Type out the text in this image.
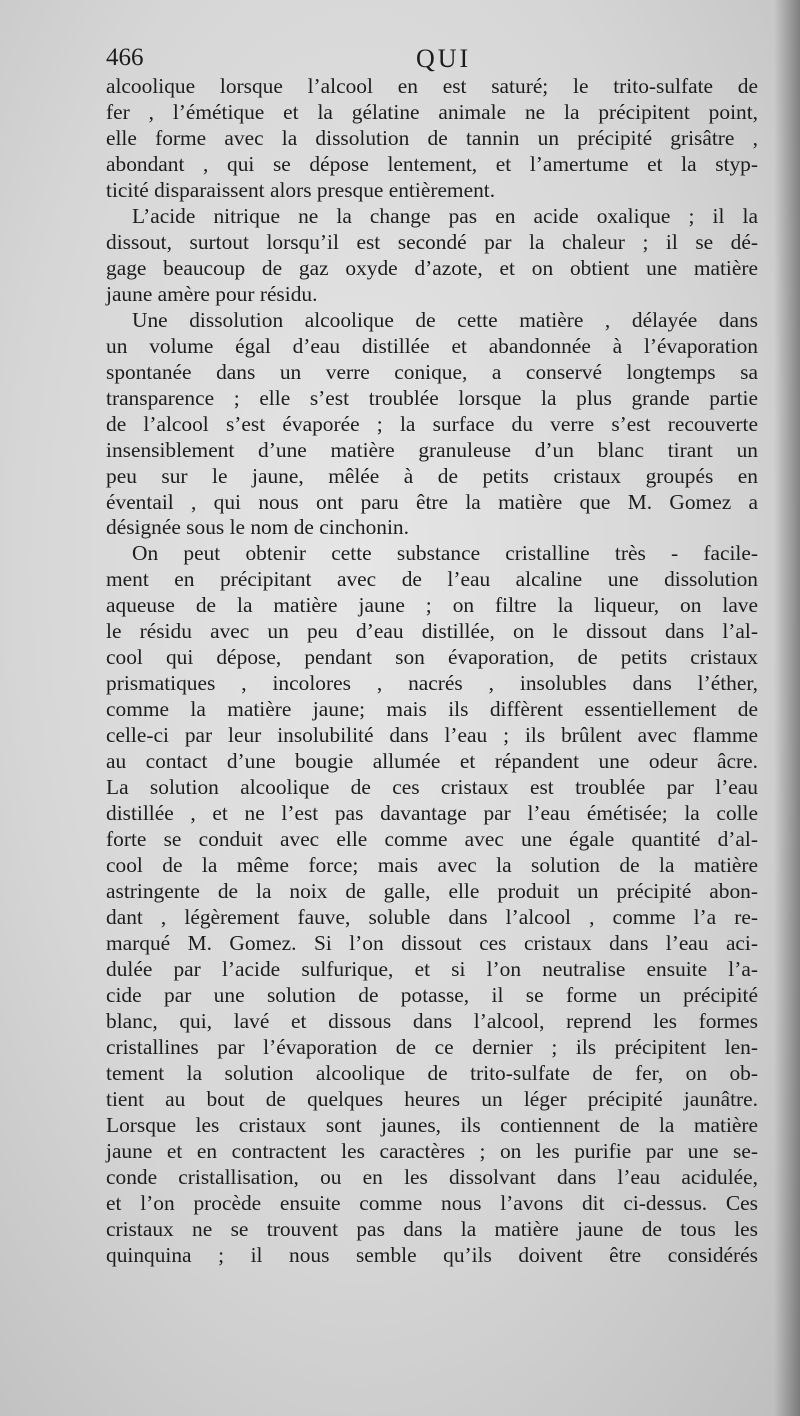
466	QUI
alcoolique lorsque l’alcool en est saturé; le trito-sulfate de
fer , l’émétique et la gélatine animale ne la précipitent point,
elle forme avec la dissolution de tannin un précipité grisâtre ,
abondant , qui se dépose lentement, et l’amertume et la styp-
ticité disparaissent alors presque entièrement.
L’acide nitrique ne la change pas en acide oxalique ; il la
dissout, surtout lorsqu’il est secondé par la chaleur ; il se dé-
gage beaucoup de gaz oxyde d’azote, et on obtient une matière
jaune amère pour résidu.
Une dissolution alcoolique de cette matière , délayée dans
un volume égal d’eau distillée et abandonnée à l’évaporation
spontanée dans un verre conique, a conservé longtemps sa
transparence ; elle s’est troublée lorsque la plus grande partie
de l’alcool s’est évaporée ; la surface du verre s’est recouverte
insensiblement d’une matière granuleuse d’un blanc tirant un
peu sur le jaune, mêlée à de petits cristaux groupés en
éventail , qui nous ont paru être la matière que M. Gomez a
désignée sous le nom de cinchonin.
On peut obtenir cette substance cristalline très - facile-
ment en précipitant avec de l’eau alcaline une dissolution
aqueuse de la matière jaune ; on filtre la liqueur, on lave
le résidu avec un peu d’eau distillée, on le dissout dans l’al-
cool qui dépose, pendant son évaporation, de petits cristaux
prismatiques , incolores , nacrés , insolubles dans l’éther,
comme la matière jaune; mais ils diffèrent essentiellement de
celle-ci par leur insolubilité dans l’eau ; ils brûlent avec flamme
au contact d’une bougie allumée et répandent une odeur âcre.
La solution alcoolique de ces cristaux est troublée par l’eau
distillée , et ne l’est pas davantage par l’eau émétisée; la colle
forte se conduit avec elle comme avec une égale quantité d’al-
cool de la même force; mais avec la solution de la matière
astringente de la noix de galle, elle produit un précipité abon-
dant , légèrement fauve, soluble dans l’alcool , comme l’a re-
marqué M. Gomez. Si l’on dissout ces cristaux dans l’eau aci-
dulée par l’acide sulfurique, et si l’on neutralise ensuite l’a-
cide par une solution de potasse, il se forme un précipité
blanc, qui, lavé et dissous dans l’alcool, reprend les formes
cristallines par l’évaporation de ce dernier ; ils précipitent len-
tement la solution alcoolique de trito-sulfate de fer, on ob-
tient au bout de quelques heures un léger précipité jaunâtre.
Lorsque les cristaux sont jaunes, ils contiennent de la matière
jaune et en contractent les caractères ; on les purifie par une se-
conde cristallisation, ou en les dissolvant dans l’eau acidulée,
et l’on procède ensuite comme nous l’avons dit ci-dessus. Ces
cristaux ne se trouvent pas dans la matière jaune de tous les
quinquina ; il nous semble qu’ils doivent être considérés
